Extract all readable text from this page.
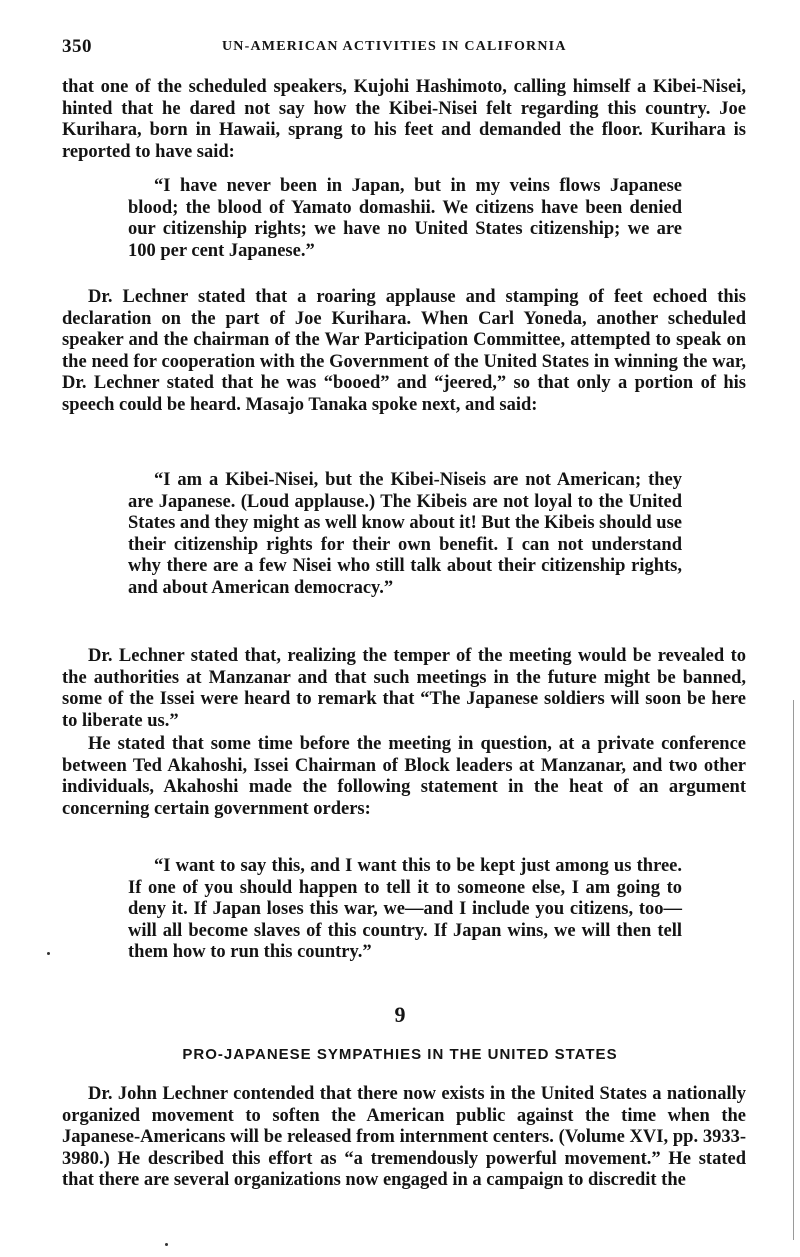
350	UN-AMERICAN ACTIVITIES IN CALIFORNIA

that one of the scheduled speakers, Kujohi Hashimoto, calling himself a Kibei-Nisei, hinted that he dared not say how the Kibei-Nisei felt regarding this country. Joe Kurihara, born in Hawaii, sprang to his feet and demanded the floor. Kurihara is reported to have said:

“I have never been in Japan, but in my veins flows Japanese blood; the blood of Yamato domashii. We citizens have been denied our citizenship rights; we have no United States citizenship; we are 100 per cent Japanese.”

Dr. Lechner stated that a roaring applause and stamping of feet echoed this declaration on the part of Joe Kurihara. When Carl Yoneda, another scheduled speaker and the chairman of the War Participation Committee, attempted to speak on the need for cooperation with the Government of the United States in winning the war, Dr. Lechner stated that he was “booed” and “jeered,” so that only a portion of his speech could be heard. Masajo Tanaka spoke next, and said:

“I am a Kibei-Nisei, but the Kibei-Niseis are not American; they are Japanese. (Loud applause.) The Kibeis are not loyal to the United States and they might as well know about it! But the Kibeis should use their citizenship rights for their own benefit. I can not understand why there are a few Nisei who still talk about their citizenship rights, and about American democracy.”

Dr. Lechner stated that, realizing the temper of the meeting would be revealed to the authorities at Manzanar and that such meetings in the future might be banned, some of the Issei were heard to remark that “The Japanese soldiers will soon be here to liberate us.”

He stated that some time before the meeting in question, at a private conference between Ted Akahoshi, Issei Chairman of Block leaders at Manzanar, and two other individuals, Akahoshi made the following statement in the heat of an argument concerning certain government orders:

“I want to say this, and I want this to be kept just among us three. If one of you should happen to tell it to someone else, I am going to deny it. If Japan loses this war, we—and I include you citizens, too—will all become slaves of this country. If Japan wins, we will then tell them how to run this country.”

9
PRO-JAPANESE SYMPATHIES IN THE UNITED STATES

Dr. John Lechner contended that there now exists in the United States a nationally organized movement to soften the American public against the time when the Japanese-Americans will be released from internment centers. (Volume XVI, pp. 3933-3980.) He described this effort as “a tremendously powerful movement.” He stated that there are several organizations now engaged in a campaign to discredit the
